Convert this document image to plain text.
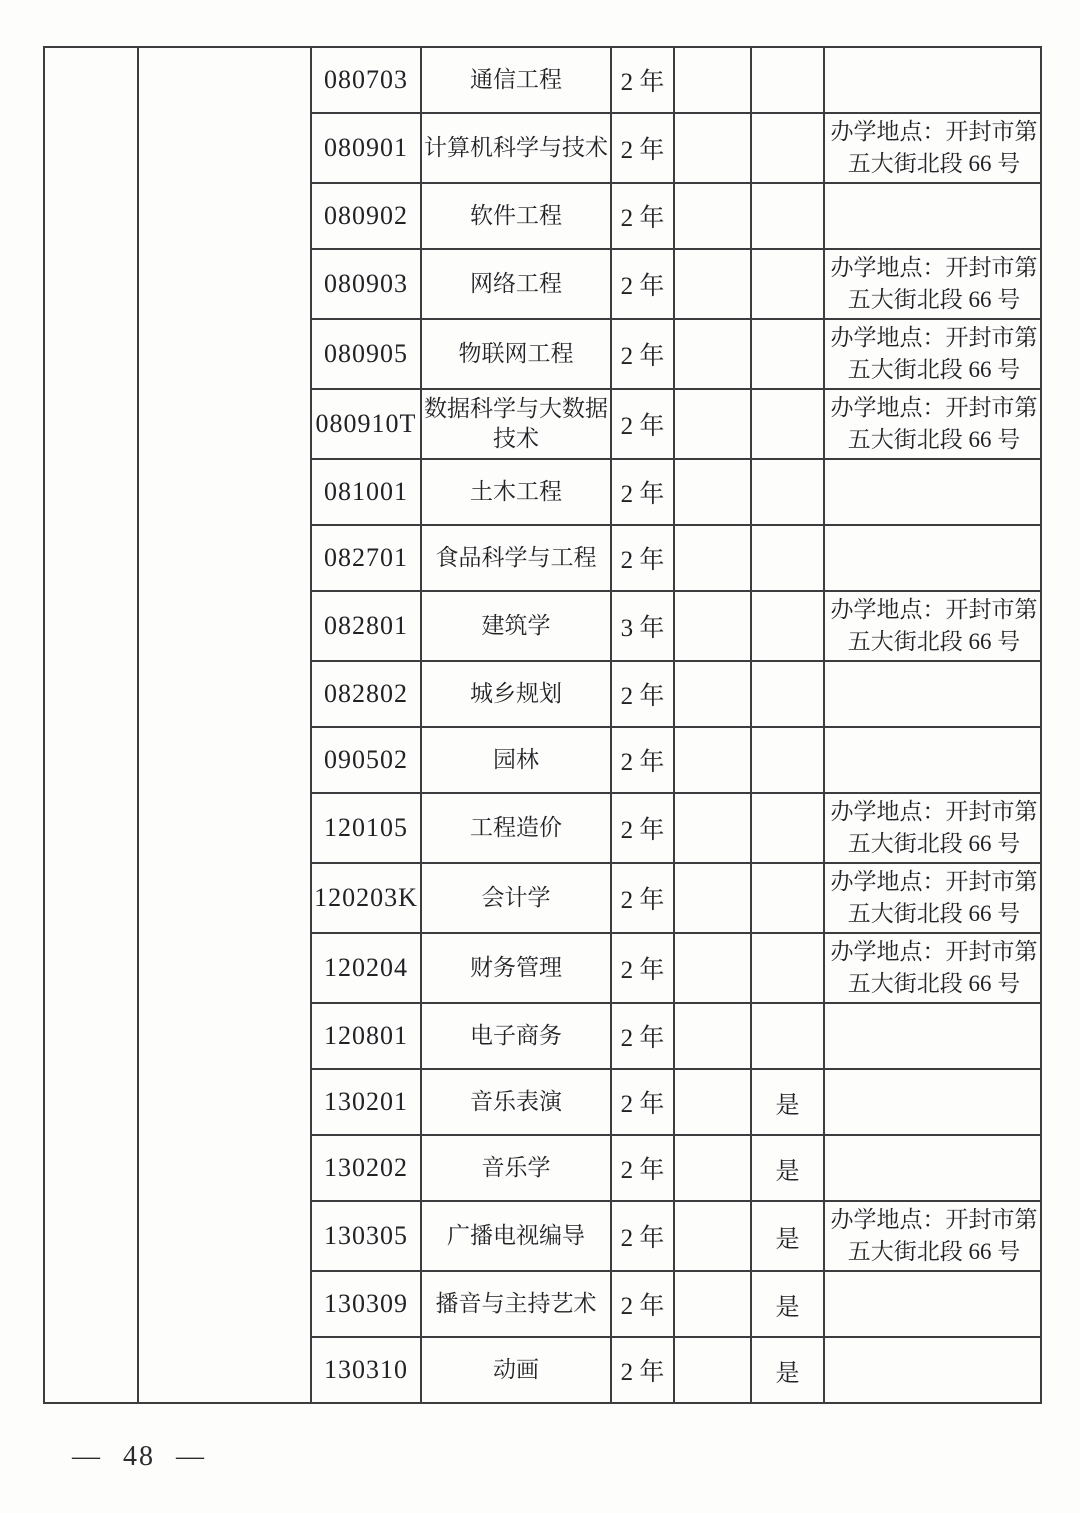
		080703	通信工程	2 年			
		080901	计算机科学与技术	2 年			办学地点：开封市第五大街北段 66 号
		080902	软件工程	2 年			
		080903	网络工程	2 年			办学地点：开封市第五大街北段 66 号
		080905	物联网工程	2 年			办学地点：开封市第五大街北段 66 号
		080910T	数据科学与大数据技术	2 年			办学地点：开封市第五大街北段 66 号
		081001	土木工程	2 年			
		082701	食品科学与工程	2 年			
		082801	建筑学	3 年			办学地点：开封市第五大街北段 66 号
		082802	城乡规划	2 年			
		090502	园林	2 年			
		120105	工程造价	2 年			办学地点：开封市第五大街北段 66 号
		120203K	会计学	2 年			办学地点：开封市第五大街北段 66 号
		120204	财务管理	2 年			办学地点：开封市第五大街北段 66 号
		120801	电子商务	2 年			
		130201	音乐表演	2 年		是	
		130202	音乐学	2 年		是	
		130305	广播电视编导	2 年		是	办学地点：开封市第五大街北段 66 号
		130309	播音与主持艺术	2 年		是	
		130310	动画	2 年		是	
— 48 —
